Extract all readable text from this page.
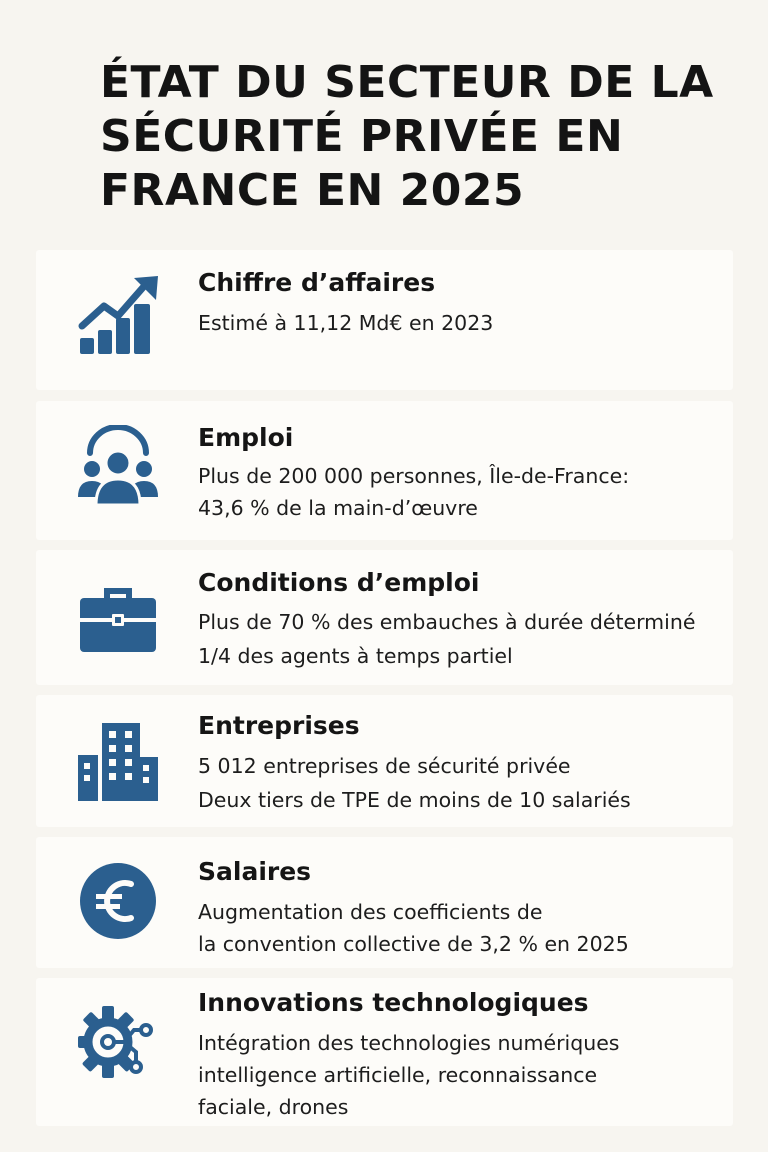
ÉTAT DU SECTEUR DE LA
SÉCURITÉ PRIVÉE EN
FRANCE EN 2025
Chiffre d’affaires
Estimé à 11,12 Md€ en 2023
Emploi
Plus de 200 000 personnes, Île-de-France:
43,6 % de la main-d’œuvre
Conditions d’emploi
Plus de 70 % des embauches à durée déterminé
1/4 des agents à temps partiel
Entreprises
5 012 entreprises de sécurité privée
Deux tiers de TPE de moins de 10 salariés
Salaires
Augmentation des coefficients de
la convention collective de 3,2 % en 2025
Innovations technologiques
Intégration des technologies numériques
intelligence artificielle, reconnaissance
faciale, drones
